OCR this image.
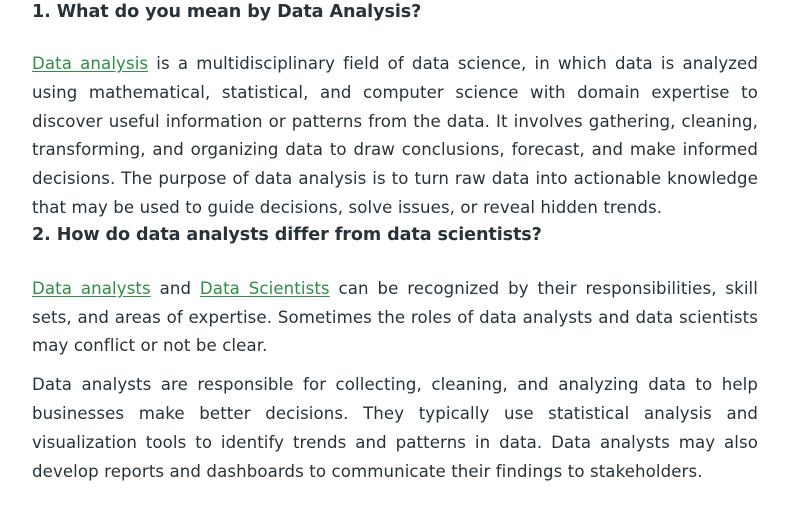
1. What do you mean by Data Analysis?

Data analysis is a multidisciplinary field of data science, in which data is analyzed using mathematical, statistical, and computer science with domain expertise to discover useful information or patterns from the data. It involves gathering, cleaning, transforming, and organizing data to draw conclusions, forecast, and make informed decisions. The purpose of data analysis is to turn raw data into actionable knowledge that may be used to guide decisions, solve issues, or reveal hidden trends.

2. How do data analysts differ from data scientists?

Data analysts and Data Scientists can be recognized by their responsibilities, skill sets, and areas of expertise. Sometimes the roles of data analysts and data scientists may conflict or not be clear.

Data analysts are responsible for collecting, cleaning, and analyzing data to help businesses make better decisions. They typically use statistical analysis and visualization tools to identify trends and patterns in data. Data analysts may also develop reports and dashboards to communicate their findings to stakeholders.
